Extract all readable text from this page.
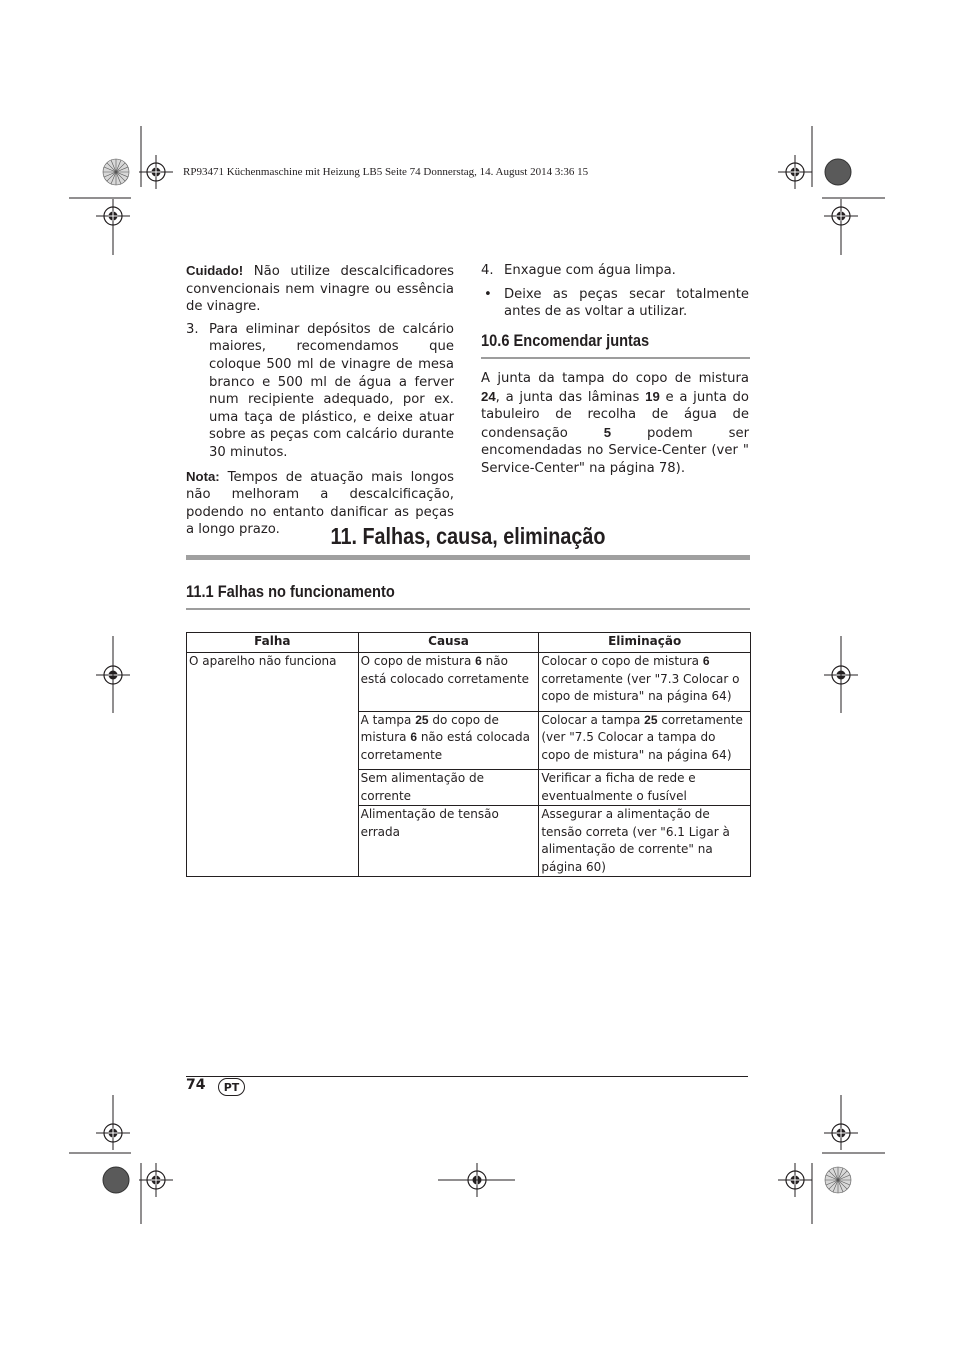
RP93471 Küchenmaschine mit Heizung LB5 Seite 74 Donnerstag, 14. August 2014 3:36 15

Cuidado! Não utilize descalcificadores convencionais nem vinagre ou essência de vinagre.

3. Para eliminar depósitos de calcário maiores, recomendamos que coloque 500 ml de vinagre de mesa branco e 500 ml de água a ferver num recipiente adequado, por ex. uma taça de plástico, e deixe atuar sobre as peças com calcário durante 30 minutos.

Nota: Tempos de atuação mais longos não melhoram a descalcificação, podendo no entanto danificar as peças a longo prazo.

4. Enxague com água limpa.
• Deixe as peças secar totalmente antes de as voltar a utilizar.
10.6 Encomendar juntas

A junta da tampa do copo de mistura 24, a junta das lâminas 19 e a junta do tabuleiro de recolha de água de condensação 5 podem ser encomendadas no Service-Center (ver " Service-Center" na página 78).

11. Falhas, causa, eliminação
11.1 Falhas no funcionamento
Falha	Causa	Eliminação
O aparelho não funciona	O copo de mistura 6 não está colocado corretamente	Colocar o copo de mistura 6 corretamente (ver "7.3 Colocar o copo de mistura" na página 64)
	A tampa 25 do copo de mistura 6 não está colocada corretamente	Colocar a tampa 25 corretamente (ver "7.5 Colocar a tampa do copo de mistura" na página 64)
	Sem alimentação de corrente	Verificar a ficha de rede e eventualmente o fusível
	Alimentação de tensão errada	Assegurar a alimentação de tensão correta (ver "6.1 Ligar à alimentação de corrente" na página 60)
74	PT
